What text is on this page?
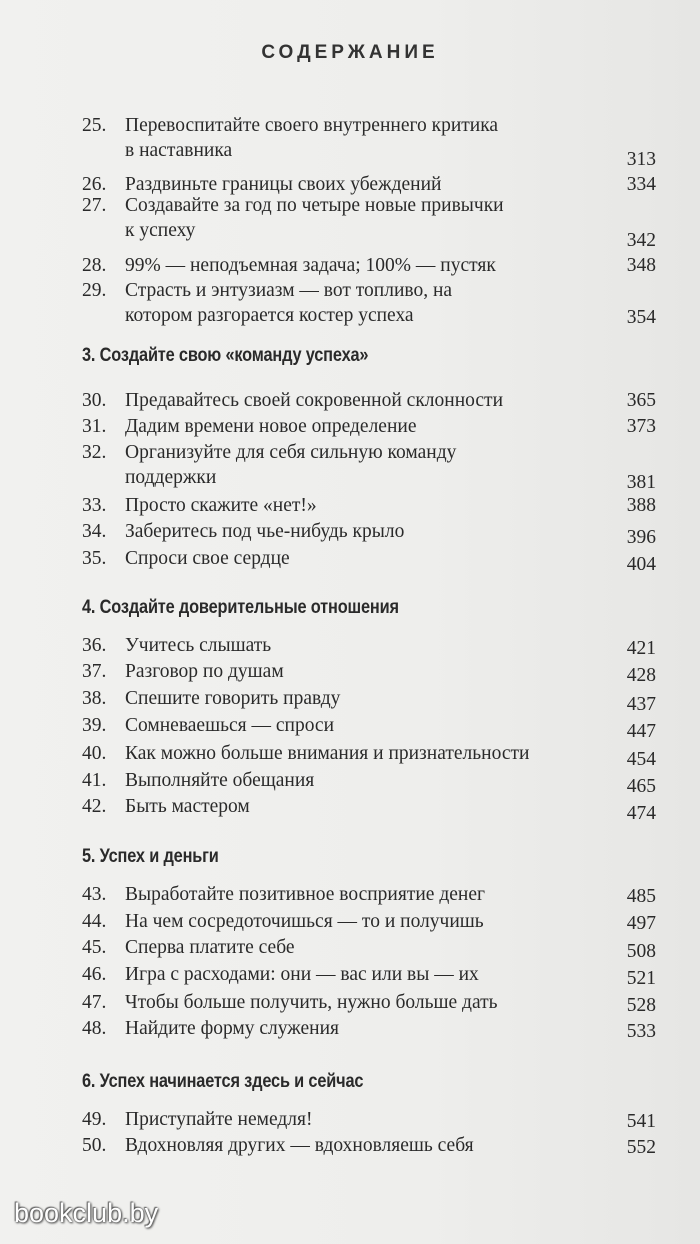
СОДЕРЖАНИЕ
25. Перевоспитайте своего внутреннего критика
в наставника	313
26. Раздвиньте границы своих убеждений	334
27. Создавайте за год по четыре новые привычки
к успеху	342
28. 99% — неподъемная задача; 100% — пустяк	348
29. Страсть и энтузиазм — вот топливо, на
котором разгорается костер успеха	354
3. Создайте свою «команду успеха»
30. Предавайтесь своей сокровенной склонности	365
31. Дадим времени новое определение	373
32. Организуйте для себя сильную команду
поддержки	381
33. Просто скажите «нет!»	388
34. Заберитесь под чье-нибудь крыло	396
35. Спроси свое сердце	404
4. Создайте доверительные отношения
36. Учитесь слышать	421
37. Разговор по душам	428
38. Спешите говорить правду	437
39. Сомневаешься — спроси	447
40. Как можно больше внимания и признательности	454
41. Выполняйте обещания	465
42. Быть мастером	474
5. Успех и деньги
43. Выработайте позитивное восприятие денег	485
44. На чем сосредоточишься — то и получишь	497
45. Сперва платите себе	508
46. Игра с расходами: они — вас или вы — их	521
47. Чтобы больше получить, нужно больше дать	528
48. Найдите форму служения	533
6. Успех начинается здесь и сейчас
49. Приступайте немедля!	541
50. Вдохновляя других — вдохновляешь себя	552
bookclub.by
